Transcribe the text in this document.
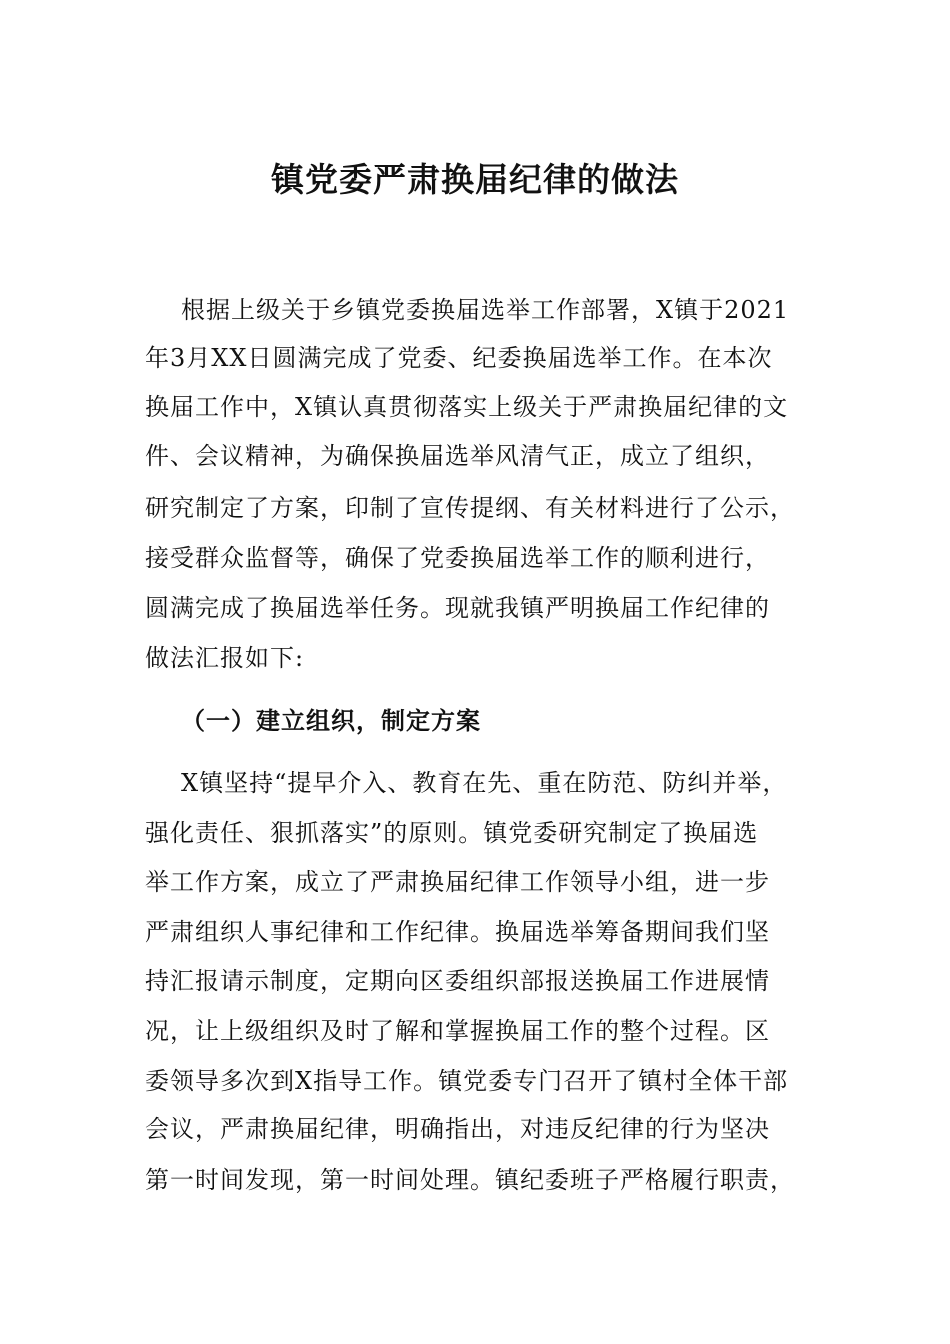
镇党委严肃换届纪律的做法

根据上级关于乡镇党委换届选举工作部署，X镇于2021

年3月XX日圆满完成了党委、纪委换届选举工作。在本次

换届工作中，X镇认真贯彻落实上级关于严肃换届纪律的文

件、会议精神，为确保换届选举风清气正，成立了组织，

研究制定了方案，印制了宣传提纲、有关材料进行了公示，

接受群众监督等，确保了党委换届选举工作的顺利进行，

圆满完成了换届选举任务。现就我镇严明换届工作纪律的

做法汇报如下:

（一）建立组织，制定方案

X镇坚持“提早介入、教育在先、重在防范、防纠并举，

强化责任、狠抓落实”的原则。镇党委研究制定了换届选

举工作方案，成立了严肃换届纪律工作领导小组，进一步

严肃组织人事纪律和工作纪律。换届选举筹备期间我们坚

持汇报请示制度，定期向区委组织部报送换届工作进展情

况，让上级组织及时了解和掌握换届工作的整个过程。区

委领导多次到X指导工作。镇党委专门召开了镇村全体干部

会议，严肃换届纪律，明确指出，对违反纪律的行为坚决

第一时间发现，第一时间处理。镇纪委班子严格履行职责，
